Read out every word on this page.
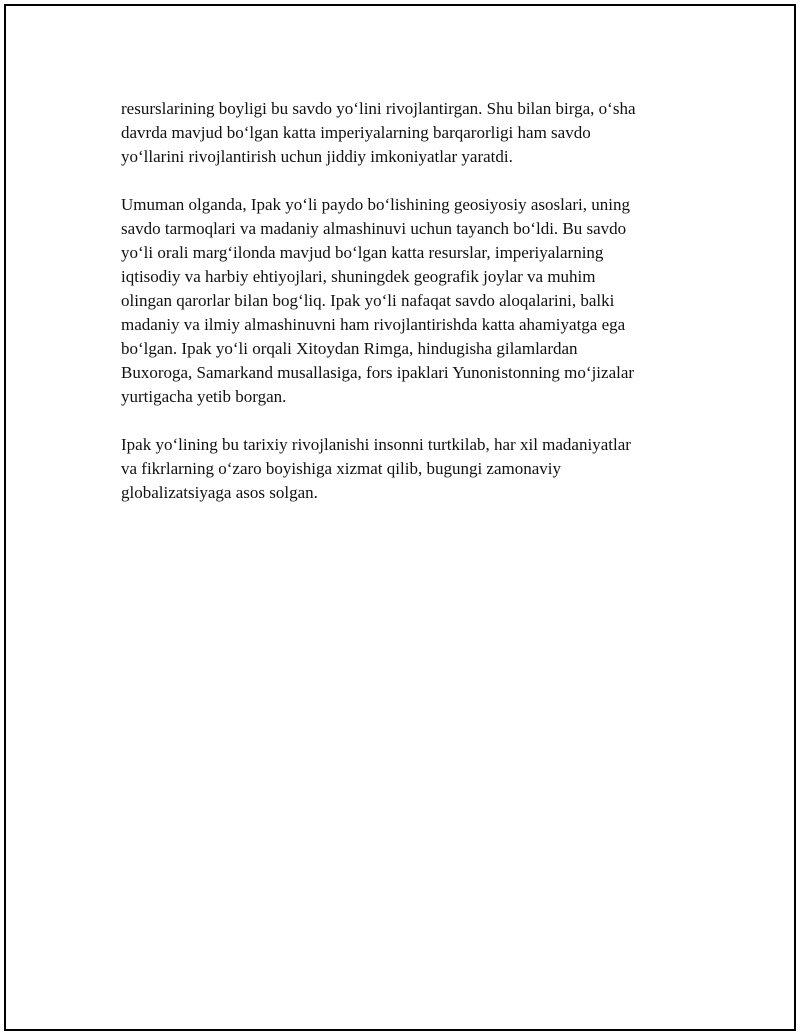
resurslarining boyligi bu savdo yo‘lini rivojlantirgan. Shu bilan birga, o‘sha
davrda mavjud bo‘lgan katta imperiyalarning barqarorligi ham savdo
yo‘llarini rivojlantirish uchun jiddiy imkoniyatlar yaratdi.

Umuman olganda, Ipak yo‘li paydo bo‘lishining geosiyosiy asoslari, uning
savdo tarmoqlari va madaniy almashinuvi uchun tayanch bo‘ldi. Bu savdo
yo‘li orali marg‘ilonda mavjud bo‘lgan katta resurslar, imperiyalarning
iqtisodiy va harbiy ehtiyojlari, shuningdek geografik joylar va muhim
olingan qarorlar bilan bog‘liq. Ipak yo‘li nafaqat savdo aloqalarini, balki
madaniy va ilmiy almashinuvni ham rivojlantirishda katta ahamiyatga ega
bo‘lgan. Ipak yo‘li orqali Xitoydan Rimga, hindugisha gilamlardan
Buxoroga, Samarkand musallasiga, fors ipaklari Yunonistonning mo‘jizalar
yurtigacha yetib borgan.

Ipak yo‘lining bu tarixiy rivojlanishi insonni turtkilab, har xil madaniyatlar
va fikrlarning o‘zaro boyishiga xizmat qilib, bugungi zamonaviy
globalizatsiyaga asos solgan.
